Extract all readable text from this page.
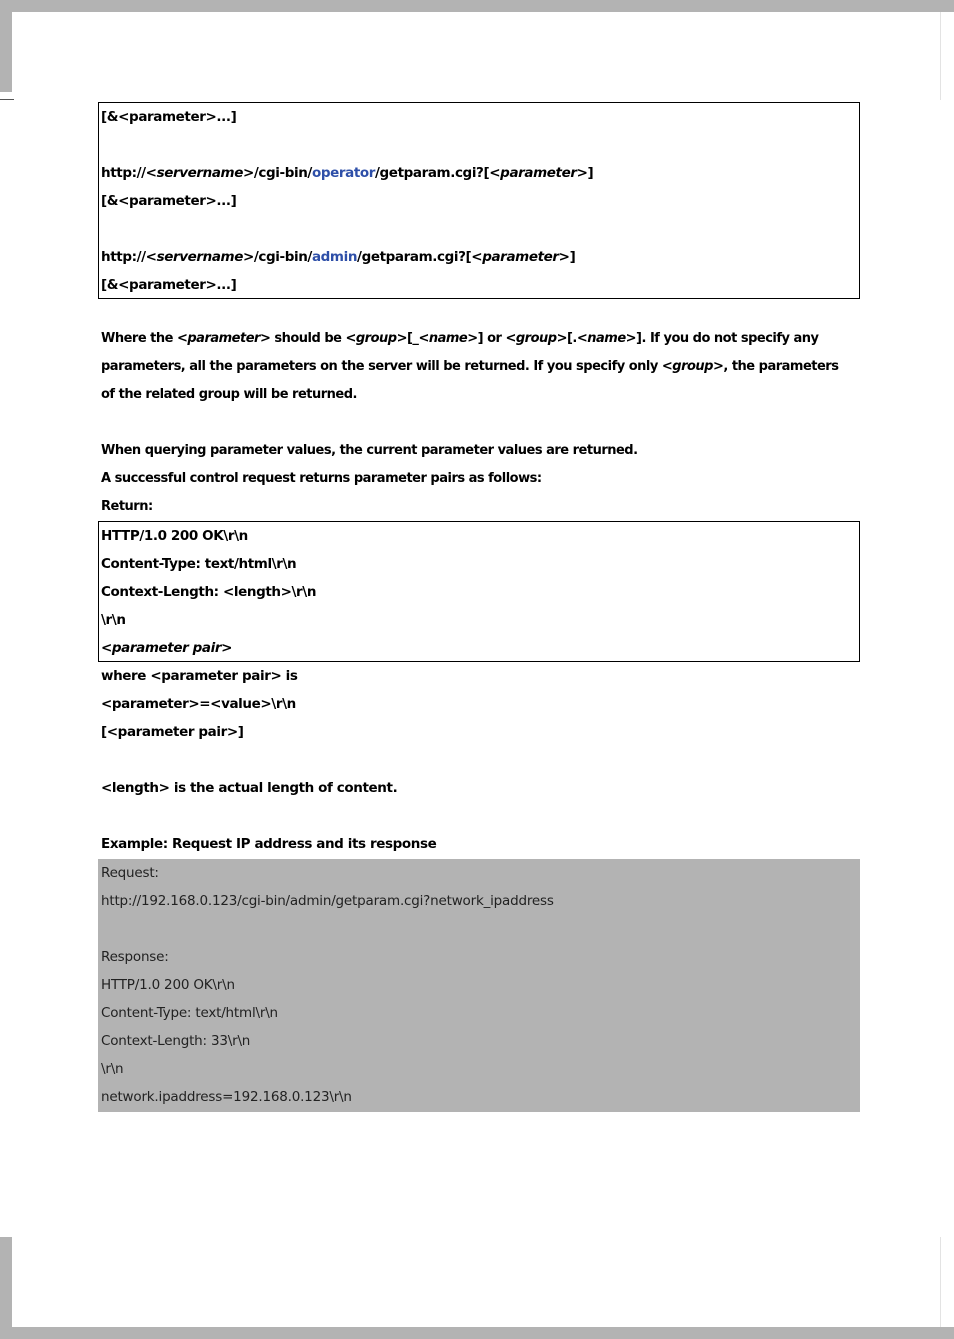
[&<parameter>...]
http://<servername>/cgi-bin/operator/getparam.cgi?[<parameter>]
[&<parameter>...]
http://<servername>/cgi-bin/admin/getparam.cgi?[<parameter>]
[&<parameter>...]
Where the <parameter> should be <group>[_<name>] or <group>[.<name>]. If you do not specify any
parameters, all the parameters on the server will be returned. If you specify only <group>, the parameters
of the related group will be returned.
When querying parameter values, the current parameter values are returned.
A successful control request returns parameter pairs as follows:
Return:
HTTP/1.0 200 OK\r\n
Content-Type: text/html\r\n
Context-Length: <length>\r\n
\r\n
<parameter pair>
where <parameter pair> is
<parameter>=<value>\r\n
[<parameter pair>]
<length> is the actual length of content.
Example: Request IP address and its response
Request:
http://192.168.0.123/cgi-bin/admin/getparam.cgi?network_ipaddress
Response:
HTTP/1.0 200 OK\r\n
Content-Type: text/html\r\n
Context-Length: 33\r\n
\r\n
network.ipaddress=192.168.0.123\r\n
